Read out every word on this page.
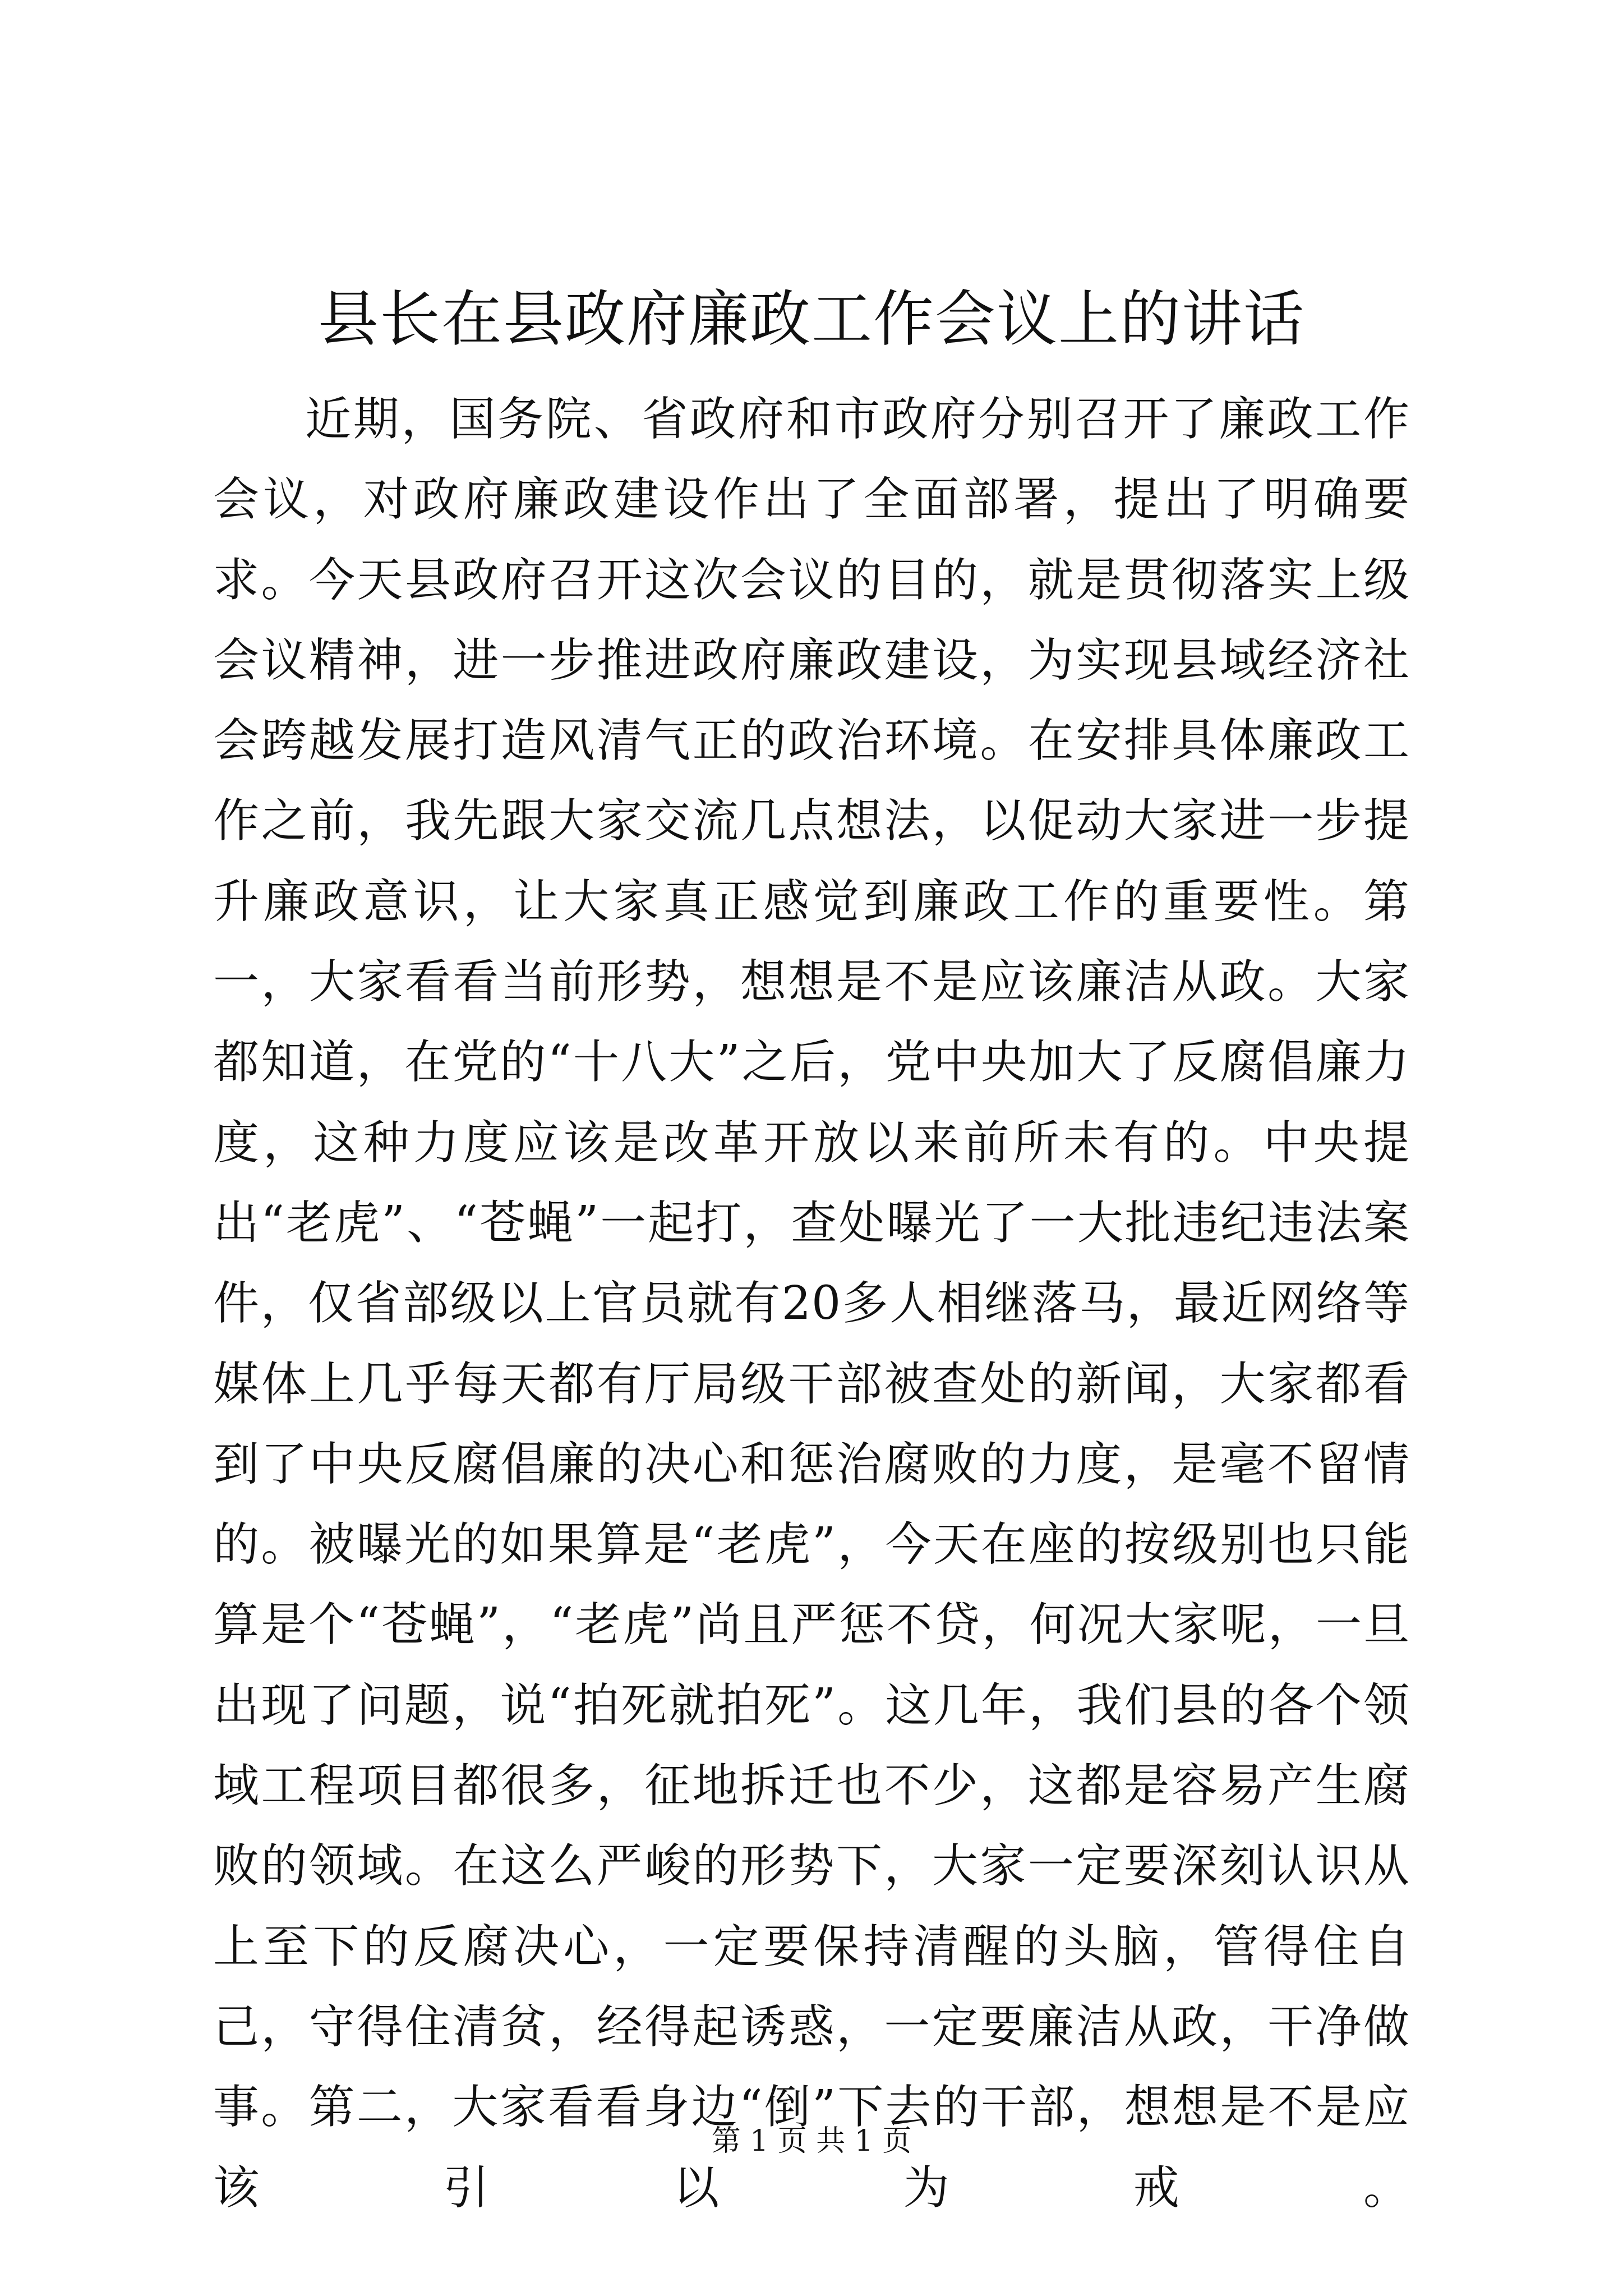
县长在县政府廉政工作会议上的讲话

近期，国务院、省政府和市政府分别召开了廉政工作会议，对政府廉政建设作出了全面部署，提出了明确要求。今天县政府召开这次会议的目的，就是贯彻落实上级会议精神，进一步推进政府廉政建设，为实现县域经济社会跨越发展打造风清气正的政治环境。在安排具体廉政工作之前，我先跟大家交流几点想法，以促动大家进一步提升廉政意识，让大家真正感觉到廉政工作的重要性。第一，大家看看当前形势，想想是不是应该廉洁从政。大家都知道，在党的“十八大”之后，党中央加大了反腐倡廉力度，这种力度应该是改革开放以来前所未有的。中央提出“老虎”、“苍蝇”一起打，查处曝光了一大批违纪违法案件，仅省部级以上官员就有20多人相继落马，最近网络等媒体上几乎每天都有厅局级干部被查处的新闻，大家都看到了中央反腐倡廉的决心和惩治腐败的力度，是毫不留情的。被曝光的如果算是“老虎”，今天在座的按级别也只能算是个“苍蝇”，“老虎”尚且严惩不贷，何况大家呢，一旦出现了问题，说“拍死就拍死”。这几年，我们县的各个领域工程项目都很多，征地拆迁也不少，这都是容易产生腐败的领域。在这么严峻的形势下，大家一定要深刻认识从上至下的反腐决心，一定要保持清醒的头脑，管得住自己，守得住清贫，经得起诱惑，一定要廉洁从政，干净做事。第二，大家看看身边“倒”下去的干部，想想是不是应该引以为戒。

第 1 页 共 1 页
